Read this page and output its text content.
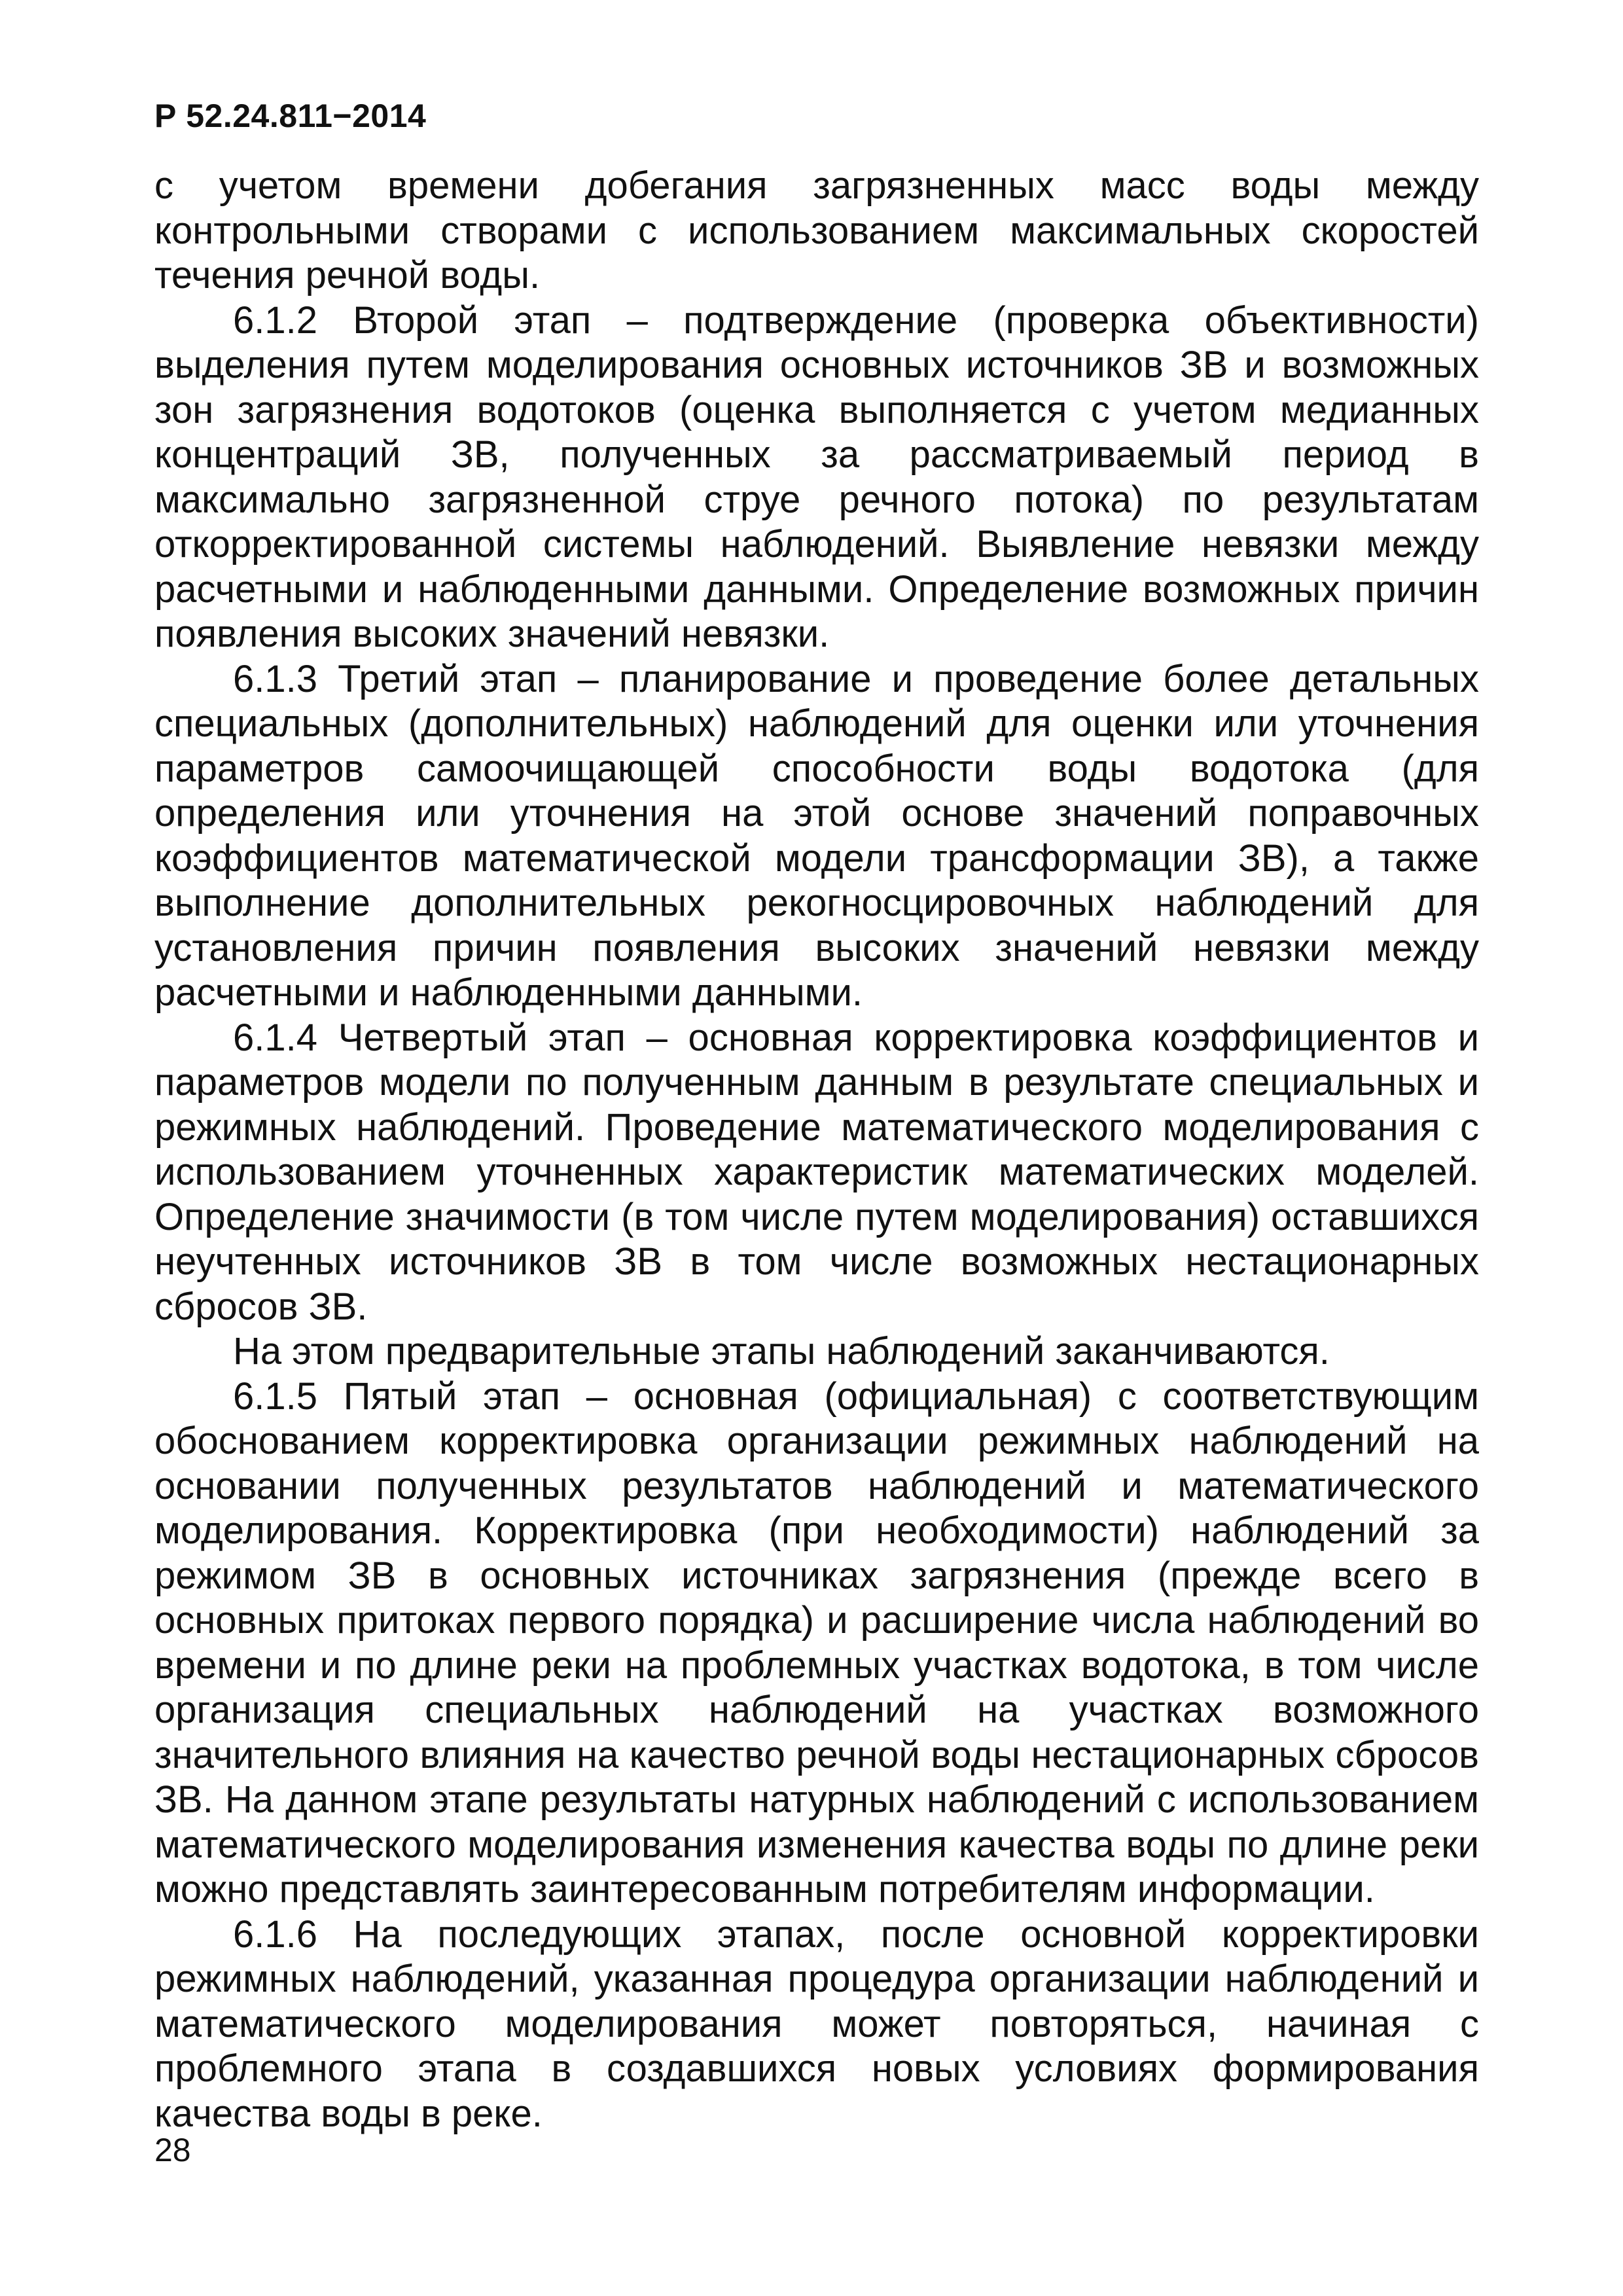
Р 52.24.811−2014

с учетом времени добегания загрязненных масс воды между контрольными створами с использованием максимальных скоростей течения речной воды.

6.1.2 Второй этап – подтверждение (проверка объективности) выделения путем моделирования основных источников ЗВ и возможных зон загрязнения водотоков (оценка выполняется с учетом медианных концентраций ЗВ, полученных за рассматриваемый период в максимально загрязненной струе речного потока) по результатам откорректированной системы наблюдений. Выявление невязки между расчетными и наблюденными данными. Определение возможных причин появления высоких значений невязки.

6.1.3 Третий этап – планирование и проведение более детальных специальных (дополнительных) наблюдений для оценки или уточнения параметров самоочищающей способности воды водотока (для определения или уточнения на этой основе значений поправочных коэффициентов математической модели трансформации ЗВ), а также выполнение дополнительных рекогносцировочных наблюдений для установления причин появления высоких значений невязки между расчетными и наблюденными данными.

6.1.4 Четвертый этап – основная корректировка коэффициентов и параметров модели по полученным данным в результате специальных и режимных наблюдений. Проведение математического моделирования с использованием уточненных характеристик математических моделей. Определение значимости (в том числе путем моделирования) оставшихся неучтенных источников ЗВ в том числе возможных нестационарных сбросов ЗВ.

На этом предварительные этапы наблюдений заканчиваются.

6.1.5 Пятый этап – основная (официальная) с соответствующим обоснованием корректировка организации режимных наблюдений на основании полученных результатов наблюдений и математического моделирования. Корректировка (при необходимости) наблюдений за режимом ЗВ в основных источниках загрязнения (прежде всего в основных притоках первого порядка) и расширение числа наблюдений во времени и по длине реки на проблемных участках водотока, в том числе организация специальных наблюдений на участках возможного значительного влияния на качество речной воды нестационарных сбросов ЗВ. На данном этапе результаты натурных наблюдений с использованием математического моделирования изменения качества воды по длине реки можно представлять заинтересованным потребителям информации.

6.1.6 На последующих этапах, после основной корректировки режимных наблюдений, указанная процедура организации наблюдений и математического моделирования может повторяться, начиная с проблемного этапа в создавшихся новых условиях формирования качества воды в реке.

28
